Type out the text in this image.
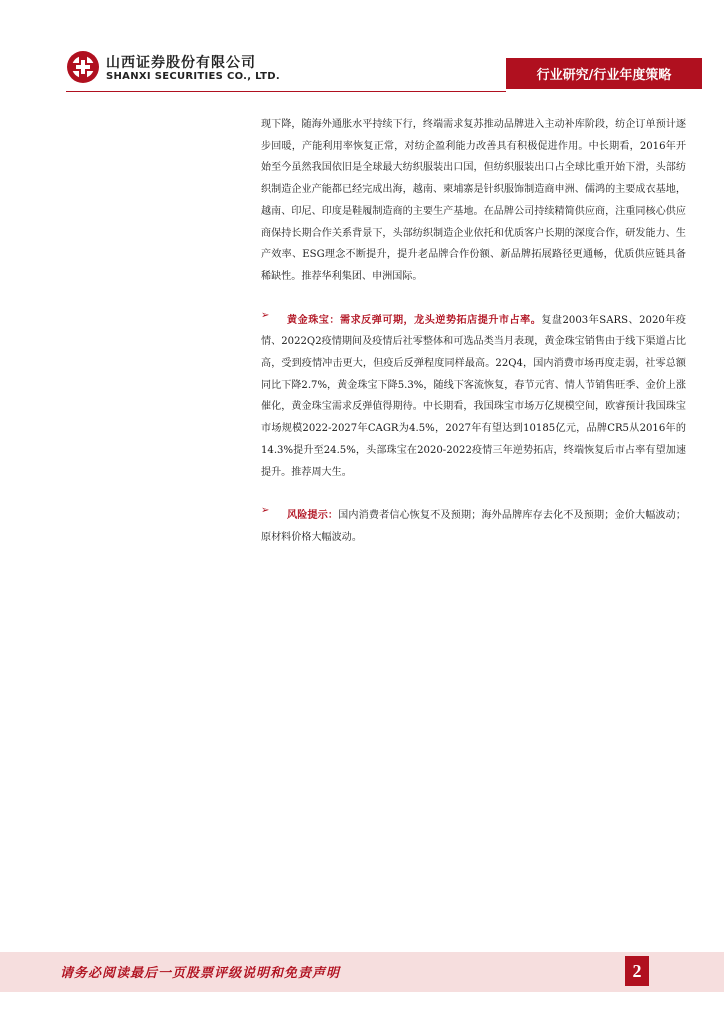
山西证券股份有限公司
SHANXI SECURITIES CO., LTD.	行业研究/行业年度策略

现下降，随海外通胀水平持续下行，终端需求复苏推动品牌进入主动补库阶段，纺企订单预计逐步回暖，产能利用率恢复正常，对纺企盈利能力改善具有积极促进作用。中长期看，2016年开始至今虽然我国依旧是全球最大纺织服装出口国，但纺织服装出口占全球比重开始下滑，头部纺织制造企业产能都已经完成出海，越南、柬埔寨是针织服饰制造商申洲、儒鸿的主要成衣基地，越南、印尼、印度是鞋履制造商的主要生产基地。在品牌公司持续精简供应商，注重同核心供应商保持长期合作关系背景下，头部纺织制造企业依托和优质客户长期的深度合作，研发能力、生产效率、ESG理念不断提升，提升老品牌合作份额、新品牌拓展路径更通畅，优质供应链具备稀缺性。推荐华利集团、申洲国际。

➢	黄金珠宝：需求反弹可期，龙头逆势拓店提升市占率。复盘2003年SARS、2020年疫情、2022Q2疫情期间及疫情后社零整体和可选品类当月表现，黄金珠宝销售由于线下渠道占比高，受到疫情冲击更大，但疫后反弹程度同样最高。22Q4，国内消费市场再度走弱，社零总额同比下降2.7%，黄金珠宝下降5.3%，随线下客流恢复，春节元宵、情人节销售旺季、金价上涨催化，黄金珠宝需求反弹值得期待。中长期看，我国珠宝市场万亿规模空间，欧睿预计我国珠宝市场规模2022-2027年CAGR为4.5%，2027年有望达到10185亿元，品牌CR5从2016年的14.3%提升至24.5%，头部珠宝在2020-2022疫情三年逆势拓店，终端恢复后市占率有望加速提升。推荐周大生。

➢	风险提示：国内消费者信心恢复不及预期；海外品牌库存去化不及预期；金价大幅波动；原材料价格大幅波动。

请务必阅读最后一页股票评级说明和免责声明	2
